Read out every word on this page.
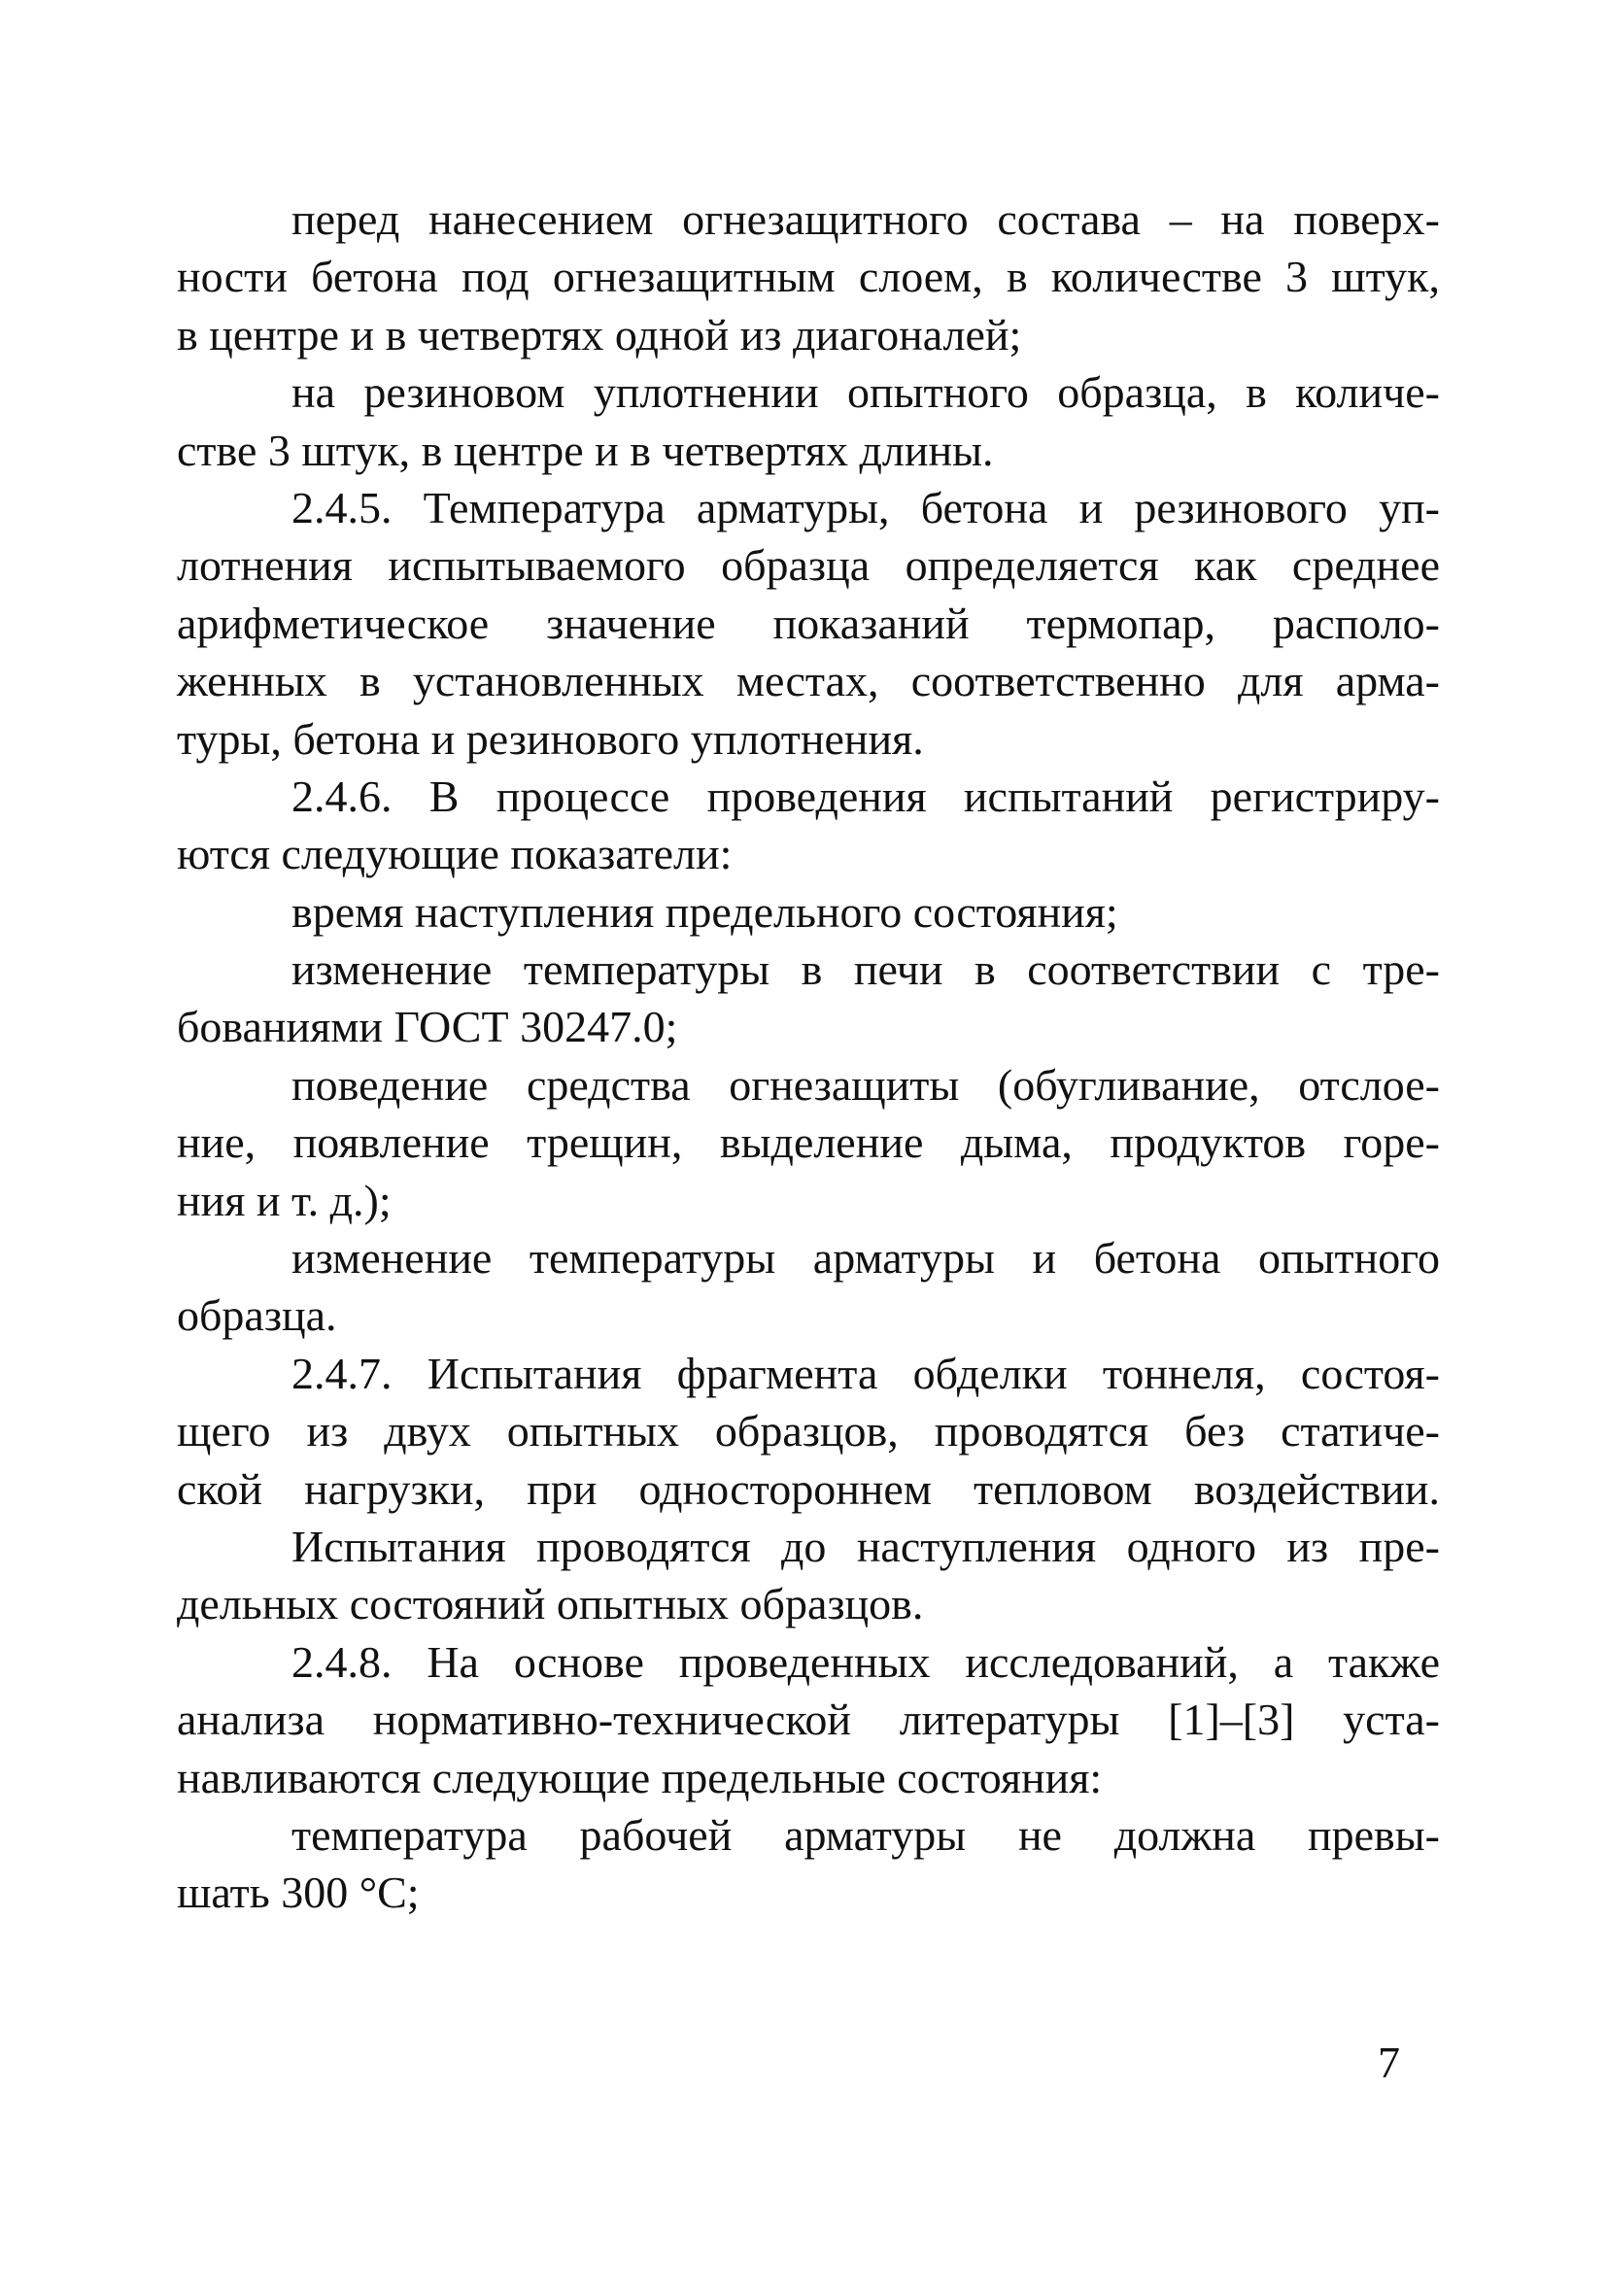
перед нанесением огнезащитного состава – на поверх-
ности бетона под огнезащитным слоем, в количестве 3 штук,
в центре и в четвертях одной из диагоналей;
на резиновом уплотнении опытного образца, в количе-
стве 3 штук, в центре и в четвертях длины.
2.4.5. Температура арматуры, бетона и резинового уп-
лотнения испытываемого образца определяется как среднее
арифметическое значение показаний термопар, располо-
женных в установленных местах, соответственно для арма-
туры, бетона и резинового уплотнения.
2.4.6. В процессе проведения испытаний регистриру-
ются следующие показатели:
время наступления предельного состояния;
изменение температуры в печи в соответствии с тре-
бованиями ГОСТ 30247.0;
поведение средства огнезащиты (обугливание, отслое-
ние, появление трещин, выделение дыма, продуктов горе-
ния и т. д.);
изменение температуры арматуры и бетона опытного
образца.
2.4.7. Испытания фрагмента обделки тоннеля, состоя-
щего из двух опытных образцов, проводятся без статиче-
ской нагрузки, при одностороннем тепловом воздействии.
Испытания проводятся до наступления одного из пре-
дельных состояний опытных образцов.
2.4.8. На основе проведенных исследований, а также
анализа нормативно-технической литературы [1]–[3] уста-
навливаются следующие предельные состояния:
температура рабочей арматуры не должна превы-
шать 300 °С;
7
